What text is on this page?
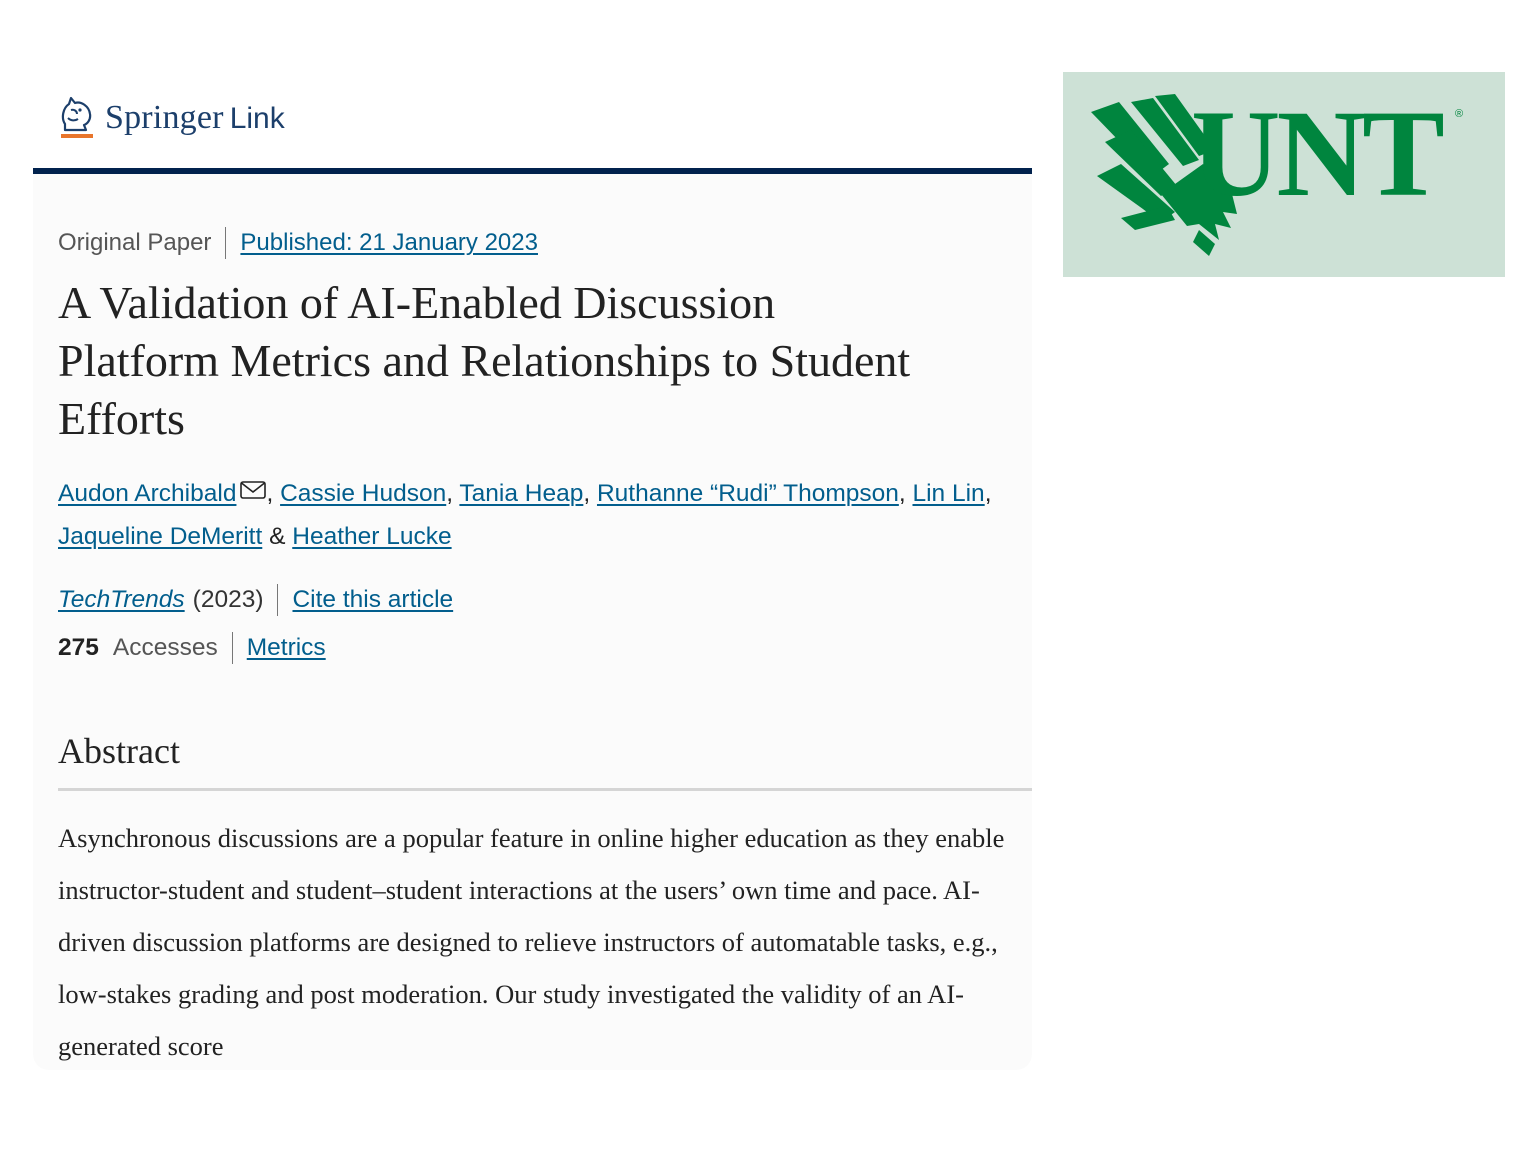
Springer Link
Original Paper Published: 21 January 2023
A Validation of AI-Enabled Discussion Platform Metrics and Relationships to Student Efforts
Audon Archibald , Cassie Hudson, Tania Heap, Ruthanne “Rudi” Thompson, Lin Lin, Jaqueline DeMeritt & Heather Lucke
TechTrends (2023) Cite this article
275 Accesses Metrics
Abstract

Asynchronous discussions are a popular feature in online higher education as they enable instructor-student and student–student interactions at the users’ own time and pace. AI-driven discussion platforms are designed to relieve instructors of automatable tasks, e.g., low-stakes grading and post moderation. Our study investigated the validity of an AI-generated score

UNT ®
